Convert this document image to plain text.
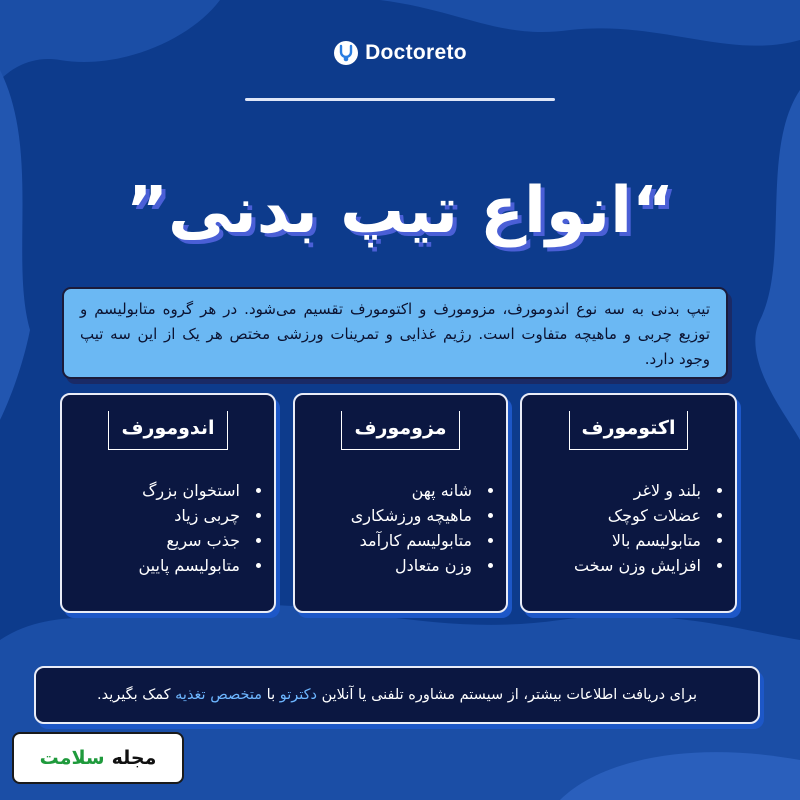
Doctoreto
“انواع تیپ بدنی”
تیپ بدنی به سه نوع اندومورف، مزومورف و اکتومورف تقسیم می‌شود. در هر گروه متابولیسم و توزیع چربی و ماهیچه متفاوت است. رژیم غذایی و تمرینات ورزشی مختص هر یک از این سه تیپ وجود دارد.
اکتومورف
• بلند و لاغر
• عضلات کوچک
• متابولیسم بالا
• افزایش وزن سخت
مزومورف
• شانه پهن
• ماهیچه ورزشکاری
• متابولیسم کارآمد
• وزن متعادل
اندومورف
• استخوان بزرگ
• چربی زیاد
• جذب سریع
• متابولیسم پایین
برای دریافت اطلاعات بیشتر، از سیستم مشاوره تلفنی یا آنلاین دکترتو با متخصص تغذیه کمک بگیرید.
مجله
سلامت
